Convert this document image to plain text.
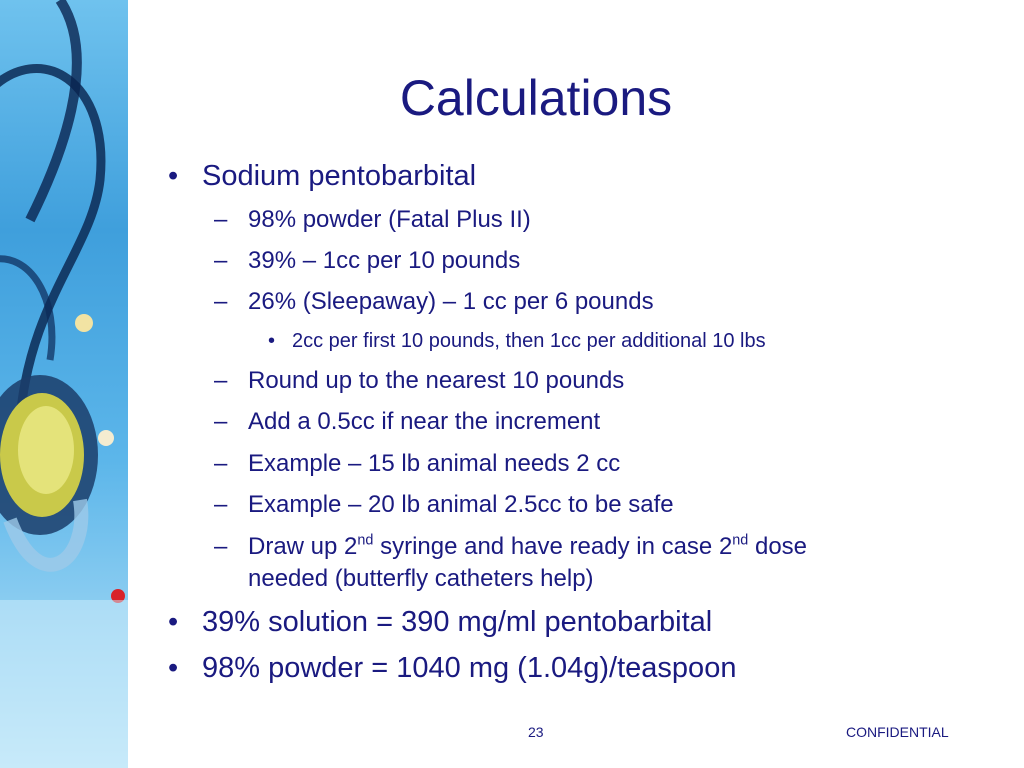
Calculations
• Sodium pentobarbital
– 98% powder (Fatal Plus II)
– 39% – 1cc per 10 pounds
– 26% (Sleepaway) – 1 cc per 6 pounds
• 2cc per first 10 pounds, then 1cc per additional 10 lbs
– Round up to the nearest 10 pounds
– Add a 0.5cc if near the increment
– Example – 15 lb animal needs 2 cc
– Example – 20 lb animal 2.5cc to be safe
– Draw up 2nd syringe and have ready in case 2nd dose
needed (butterfly catheters help)
• 39% solution = 390 mg/ml pentobarbital
• 98% powder = 1040 mg (1.04g)/teaspoon
23	CONFIDENTIAL
